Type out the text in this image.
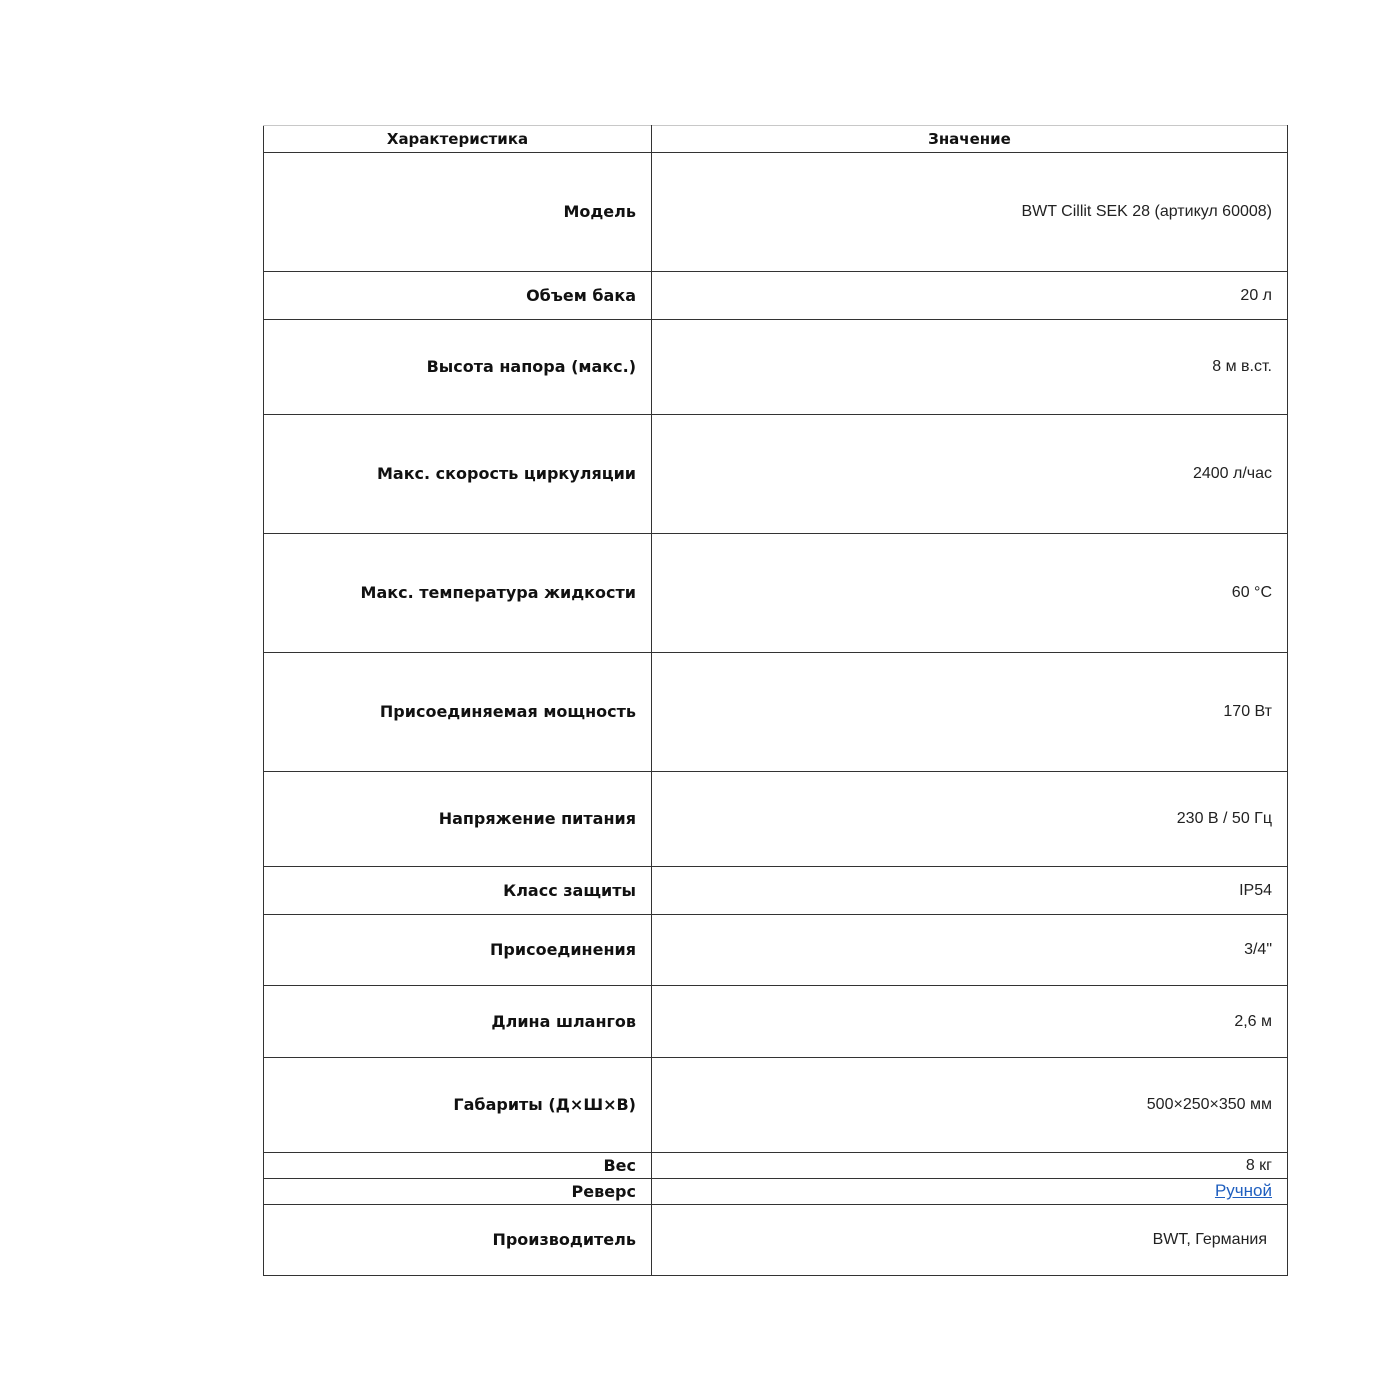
Характеристика	Значение
Модель	BWT Cillit SEK 28 (артикул 60008)
Объем бака	20 л
Высота напора (макс.)	8 м в.ст.
Макс. скорость циркуляции	2400 л/час
Макс. температура жидкости	60 °C
Присоединяемая мощность	170 Вт
Напряжение питания	230 В / 50 Гц
Класс защиты	IP54
Присоединения	3/4"
Длина шлангов	2,6 м
Габариты (Д×Ш×В)	500×250×350 мм
Вес	8 кг
Реверс	Ручной
Производитель	BWT, Германия
